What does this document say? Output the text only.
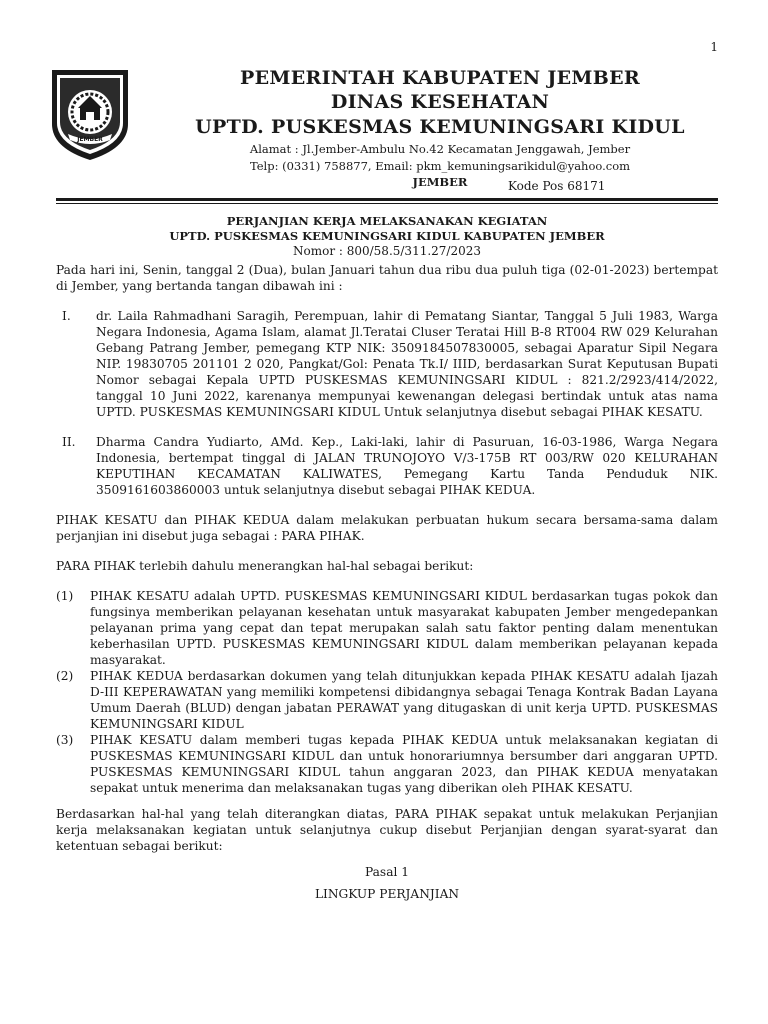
1
JEMBER
PEMERINTAH KABUPATEN JEMBER
DINAS KESEHATAN
UPTD. PUSKESMAS KEMUNINGSARI KIDUL
Alamat : Jl.Jember-Ambulu No.42 Kecamatan Jenggawah, Jember
Telp: (0331) 758877, Email: pkm_kemuningsarikidul@yahoo.com
JEMBER	Kode Pos 68171
PERJANJIAN KERJA MELAKSANAKAN KEGIATAN
UPTD. PUSKESMAS KEMUNINGSARI KIDUL KABUPATEN JEMBER
Nomor : 800/58.5/311.27/2023

Pada hari ini, Senin, tanggal 2 (Dua), bulan Januari tahun dua ribu dua puluh tiga (02-01-2023) bertempat di Jember, yang bertanda tangan dibawah ini :

I.	dr. Laila Rahmadhani Saragih, Perempuan, lahir di Pematang Siantar, Tanggal 5 Juli 1983, Warga Negara Indonesia, Agama Islam, alamat Jl.Teratai Cluser Teratai Hill B-8 RT004 RW 029 Kelurahan Gebang Patrang Jember, pemegang KTP NIK: 3509184507830005, sebagai Aparatur Sipil Negara NIP. 19830705 201101 2 020, Pangkat/Gol: Penata Tk.I/ IIID, berdasarkan Surat Keputusan Bupati Nomor sebagai Kepala UPTD PUSKESMAS KEMUNINGSARI KIDUL : 821.2/2923/414/2022, tanggal 10 Juni 2022, karenanya mempunyai kewenangan delegasi bertindak untuk atas nama UPTD. PUSKESMAS KEMUNINGSARI KIDUL Untuk selanjutnya disebut sebagai PIHAK KESATU.
II.	Dharma Candra Yudiarto, AMd. Kep., Laki-laki, lahir di Pasuruan, 16-03-1986, Warga Negara Indonesia, bertempat tinggal di JALAN TRUNOJOYO V/3-175B RT 003/RW 020 KELURAHAN KEPUTIHAN KECAMATAN KALIWATES, Pemegang Kartu Tanda Penduduk NIK. 3509161603860003 untuk selanjutnya disebut sebagai PIHAK KEDUA.

PIHAK KESATU dan PIHAK KEDUA dalam melakukan perbuatan hukum secara bersama-sama dalam perjanjian ini disebut juga sebagai : PARA PIHAK.

PARA PIHAK terlebih dahulu menerangkan hal-hal sebagai berikut:

(1)	PIHAK KESATU adalah UPTD. PUSKESMAS KEMUNINGSARI KIDUL berdasarkan tugas pokok dan fungsinya memberikan pelayanan kesehatan untuk masyarakat kabupaten Jember mengedepankan pelayanan prima yang cepat dan tepat merupakan salah satu faktor penting dalam menentukan keberhasilan UPTD. PUSKESMAS KEMUNINGSARI KIDUL dalam memberikan pelayanan kepada masyarakat.
(2)	PIHAK KEDUA berdasarkan dokumen yang telah ditunjukkan kepada PIHAK KESATU adalah Ijazah D-III KEPERAWATAN yang memiliki kompetensi dibidangnya sebagai Tenaga Kontrak Badan Layana Umum Daerah (BLUD) dengan jabatan PERAWAT yang ditugaskan di unit kerja UPTD. PUSKESMAS KEMUNINGSARI KIDUL
(3)	PIHAK KESATU dalam memberi tugas kepada PIHAK KEDUA untuk melaksanakan kegiatan di PUSKESMAS KEMUNINGSARI KIDUL dan untuk honorariumnya bersumber dari anggaran UPTD. PUSKESMAS KEMUNINGSARI KIDUL tahun anggaran 2023, dan PIHAK KEDUA menyatakan sepakat untuk menerima dan melaksanakan tugas yang diberikan oleh PIHAK KESATU.

Berdasarkan hal-hal yang telah diterangkan diatas, PARA PIHAK sepakat untuk melakukan Perjanjian kerja melaksanakan kegiatan untuk selanjutnya cukup disebut Perjanjian dengan syarat-syarat dan ketentuan sebagai berikut:

Pasal 1
LINGKUP PERJANJIAN
